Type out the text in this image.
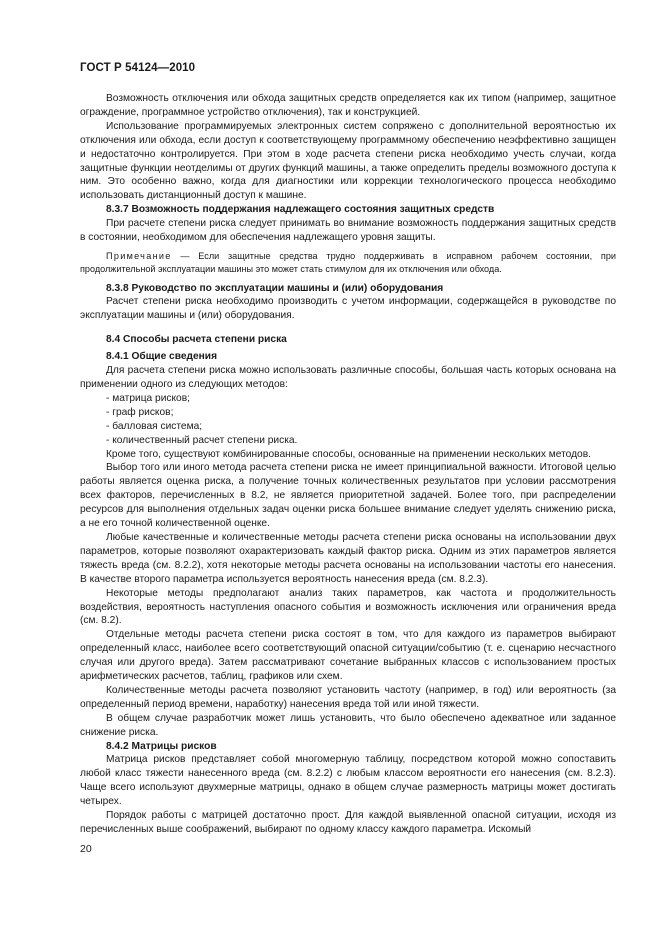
ГОСТ Р 54124—2010

Возможность отключения или обхода защитных средств определяется как их типом (например, защитное ограждение, программное устройство отключения), так и конструкцией.

Использование программируемых электронных систем сопряжено с дополнительной вероятностью их отключения или обхода, если доступ к соответствующему программному обеспечению неэффективно защищен и недостаточно контролируется. При этом в ходе расчета степени риска необходимо учесть случаи, когда защитные функции неотделимы от других функций машины, а также определить пределы возможного доступа к ним. Это особенно важно, когда для диагностики или коррекции технологического процесса необходимо использовать дистанционный доступ к машине.

8.3.7 Возможность поддержания надлежащего состояния защитных средств

При расчете степени риска следует принимать во внимание возможность поддержания защитных средств в состоянии, необходимом для обеспечения надлежащего уровня защиты.

Примечание — Если защитные средства трудно поддерживать в исправном рабочем состоянии, при продолжительной эксплуатации машины это может стать стимулом для их отключения или обхода.

8.3.8 Руководство по эксплуатации машины и (или) оборудования

Расчет степени риска необходимо производить с учетом информации, содержащейся в руководстве по эксплуатации машины и (или) оборудования.

8.4 Способы расчета степени риска

8.4.1 Общие сведения

Для расчета степени риска можно использовать различные способы, большая часть которых основана на применении одного из следующих методов:

- матрица рисков;

- граф рисков;

- балловая система;

- количественный расчет степени риска.

Кроме того, существуют комбинированные способы, основанные на применении нескольких методов.

Выбор того или иного метода расчета степени риска не имеет принципиальной важности. Итоговой целью работы является оценка риска, а получение точных количественных результатов при условии рассмотрения всех факторов, перечисленных в 8.2, не является приоритетной задачей. Более того, при распределении ресурсов для выполнения отдельных задач оценки риска большее внимание следует уделять снижению риска, а не его точной количественной оценке.

Любые качественные и количественные методы расчета степени риска основаны на использовании двух параметров, которые позволяют охарактеризовать каждый фактор риска. Одним из этих параметров является тяжесть вреда (см. 8.2.2), хотя некоторые методы расчета основаны на использовании частоты его нанесения. В качестве второго параметра используется вероятность нанесения вреда (см. 8.2.3).

Некоторые методы предполагают анализ таких параметров, как частота и продолжительность воздействия, вероятность наступления опасного события и возможность исключения или ограничения вреда (см. 8.2).

Отдельные методы расчета степени риска состоят в том, что для каждого из параметров выбирают определенный класс, наиболее всего соответствующий опасной ситуации/событию (т. е. сценарию несчастного случая или другого вреда). Затем рассматривают сочетание выбранных классов с использованием простых арифметических расчетов, таблиц, графиков или схем.

Количественные методы расчета позволяют установить частоту (например, в год) или вероятность (за определенный период времени, наработку) нанесения вреда той или иной тяжести.

В общем случае разработчик может лишь установить, что было обеспечено адекватное или заданное снижение риска.

8.4.2 Матрицы рисков

Матрица рисков представляет собой многомерную таблицу, посредством которой можно сопоставить любой класс тяжести нанесенного вреда (см. 8.2.2) с любым классом вероятности его нанесения (см. 8.2.3). Чаще всего используют двухмерные матрицы, однако в общем случае размерность матрицы может достигать четырех.

Порядок работы с матрицей достаточно прост. Для каждой выявленной опасной ситуации, исходя из перечисленных выше соображений, выбирают по одному классу каждого параметра. Искомый

20
